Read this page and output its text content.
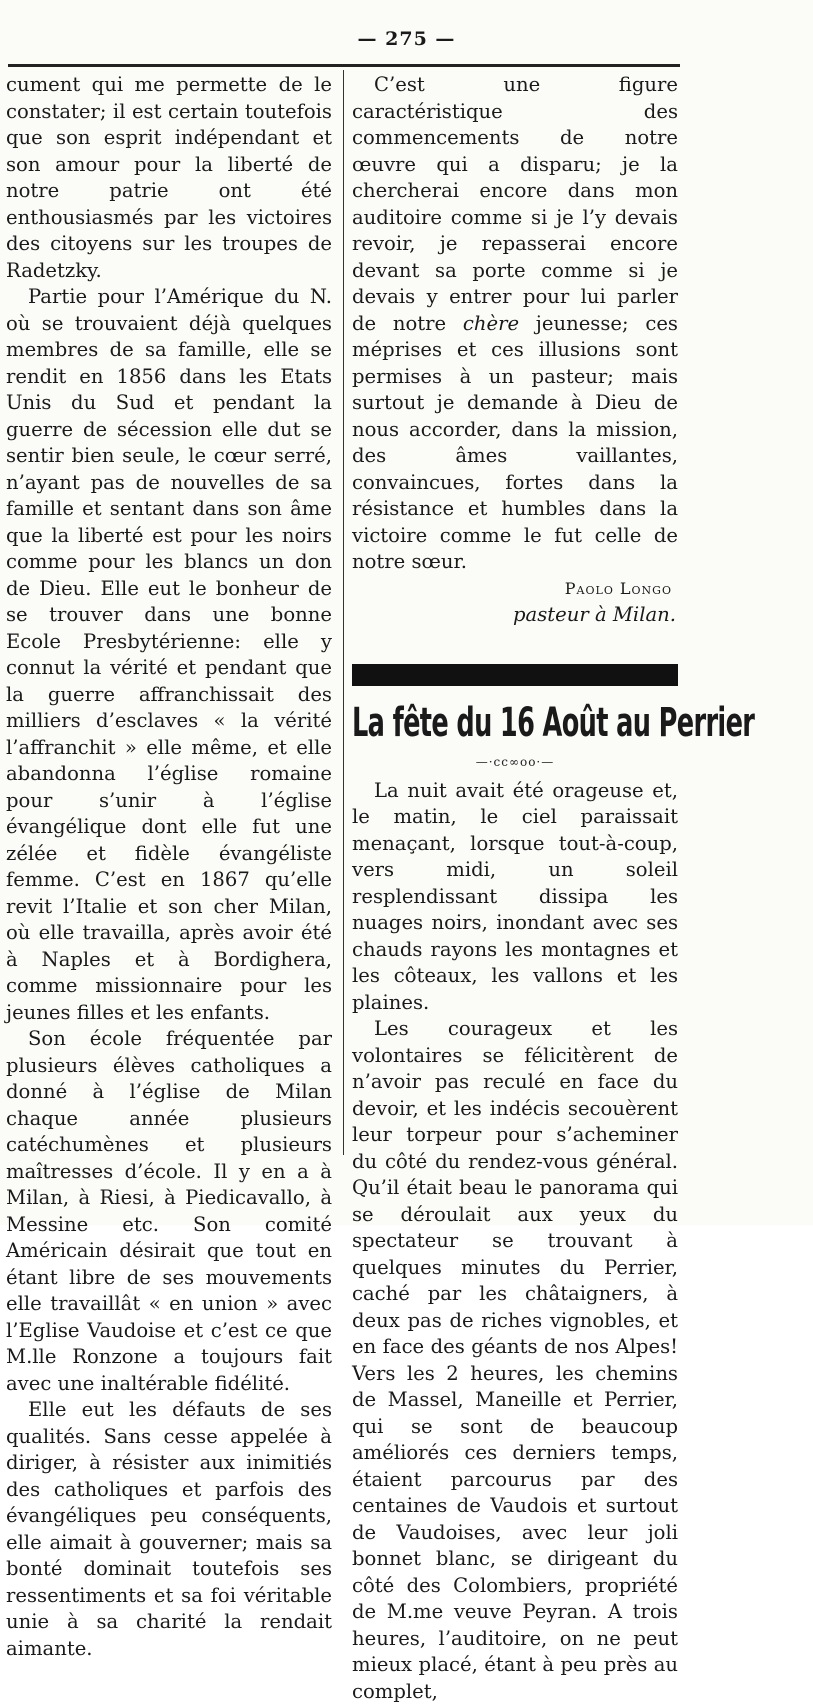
— 275 —

cument qui me permette de le constater; il est certain toutefois que son esprit indépendant et son amour pour la liberté de notre patrie ont été enthousiasmés par les victoires des citoyens sur les troupes de Radetzky.

Partie pour l’Amérique du N. où se trouvaient déjà quelques membres de sa famille, elle se rendit en 1856 dans les Etats Unis du Sud et pendant la guerre de sécession elle dut se sentir bien seule, le cœur serré, n’ayant pas de nouvelles de sa famille et sentant dans son âme que la liberté est pour les noirs comme pour les blancs un don de Dieu. Elle eut le bonheur de se trouver dans une bonne Ecole Presbytérienne: elle y connut la vérité et pendant que la guerre affranchissait des milliers d’esclaves « la vérité l’affranchit » elle même, et elle abandonna l’église romaine pour s’unir à l’église évangélique dont elle fut une zélée et fidèle évangéliste femme. C’est en 1867 qu’elle revit l’Italie et son cher Milan, où elle travailla, après avoir été à Naples et à Bordighera, comme missionnaire pour les jeunes filles et les enfants.

Son école fréquentée par plusieurs élèves catholiques a donné à l’église de Milan chaque année plusieurs catéchumènes et plusieurs maîtresses d’école. Il y en a à Milan, à Riesi, à Piedicavallo, à Messine etc. Son comité Américain désirait que tout en étant libre de ses mouvements elle travaillât « en union » avec l’Eglise Vaudoise et c’est ce que M.lle Ronzone a toujours fait avec une inaltérable fidélité.

Elle eut les défauts de ses qualités. Sans cesse appelée à diriger, à résister aux inimitiés des catholiques et parfois des évangéliques peu conséquents, elle aimait à gouverner; mais sa bonté dominait toutefois ses ressentiments et sa foi véritable unie à sa charité la rendait aimante.

C’est une figure caractéristique des commencements de notre œuvre qui a disparu; je la chercherai encore dans mon auditoire comme si je l’y devais revoir, je repasserai encore devant sa porte comme si je devais y entrer pour lui parler de notre chère jeunesse; ces méprises et ces illusions sont permises à un pasteur; mais surtout je demande à Dieu de nous accorder, dans la mission, des âmes vaillantes, convaincues, fortes dans la résistance et humbles dans la victoire comme le fut celle de notre sœur.

Paolo Longo

pasteur à Milan.

La fête du 16 Août au Perrier
—·cc∞oo·—

La nuit avait été orageuse et, le matin, le ciel paraissait menaçant, lorsque tout-à-coup, vers midi, un soleil resplendissant dissipa les nuages noirs, inondant avec ses chauds rayons les montagnes et les côteaux, les vallons et les plaines.

Les courageux et les volontaires se félicitèrent de n’avoir pas reculé en face du devoir, et les indécis secouèrent leur torpeur pour s’acheminer du côté du rendez-vous général. Qu’il était beau le panorama qui se déroulait aux yeux du spectateur se trouvant à quelques minutes du Perrier, caché par les châtaigners, à deux pas de riches vignobles, et en face des géants de nos Alpes! Vers les 2 heures, les chemins de Massel, Maneille et Perrier, qui se sont de beaucoup améliorés ces derniers temps, étaient parcourus par des centaines de Vaudois et surtout de Vaudoises, avec leur joli bonnet blanc, se dirigeant du côté des Colombiers, propriété de M.me veuve Peyran. A trois heures, l’auditoire, on ne peut mieux placé, étant à peu près au complet,
